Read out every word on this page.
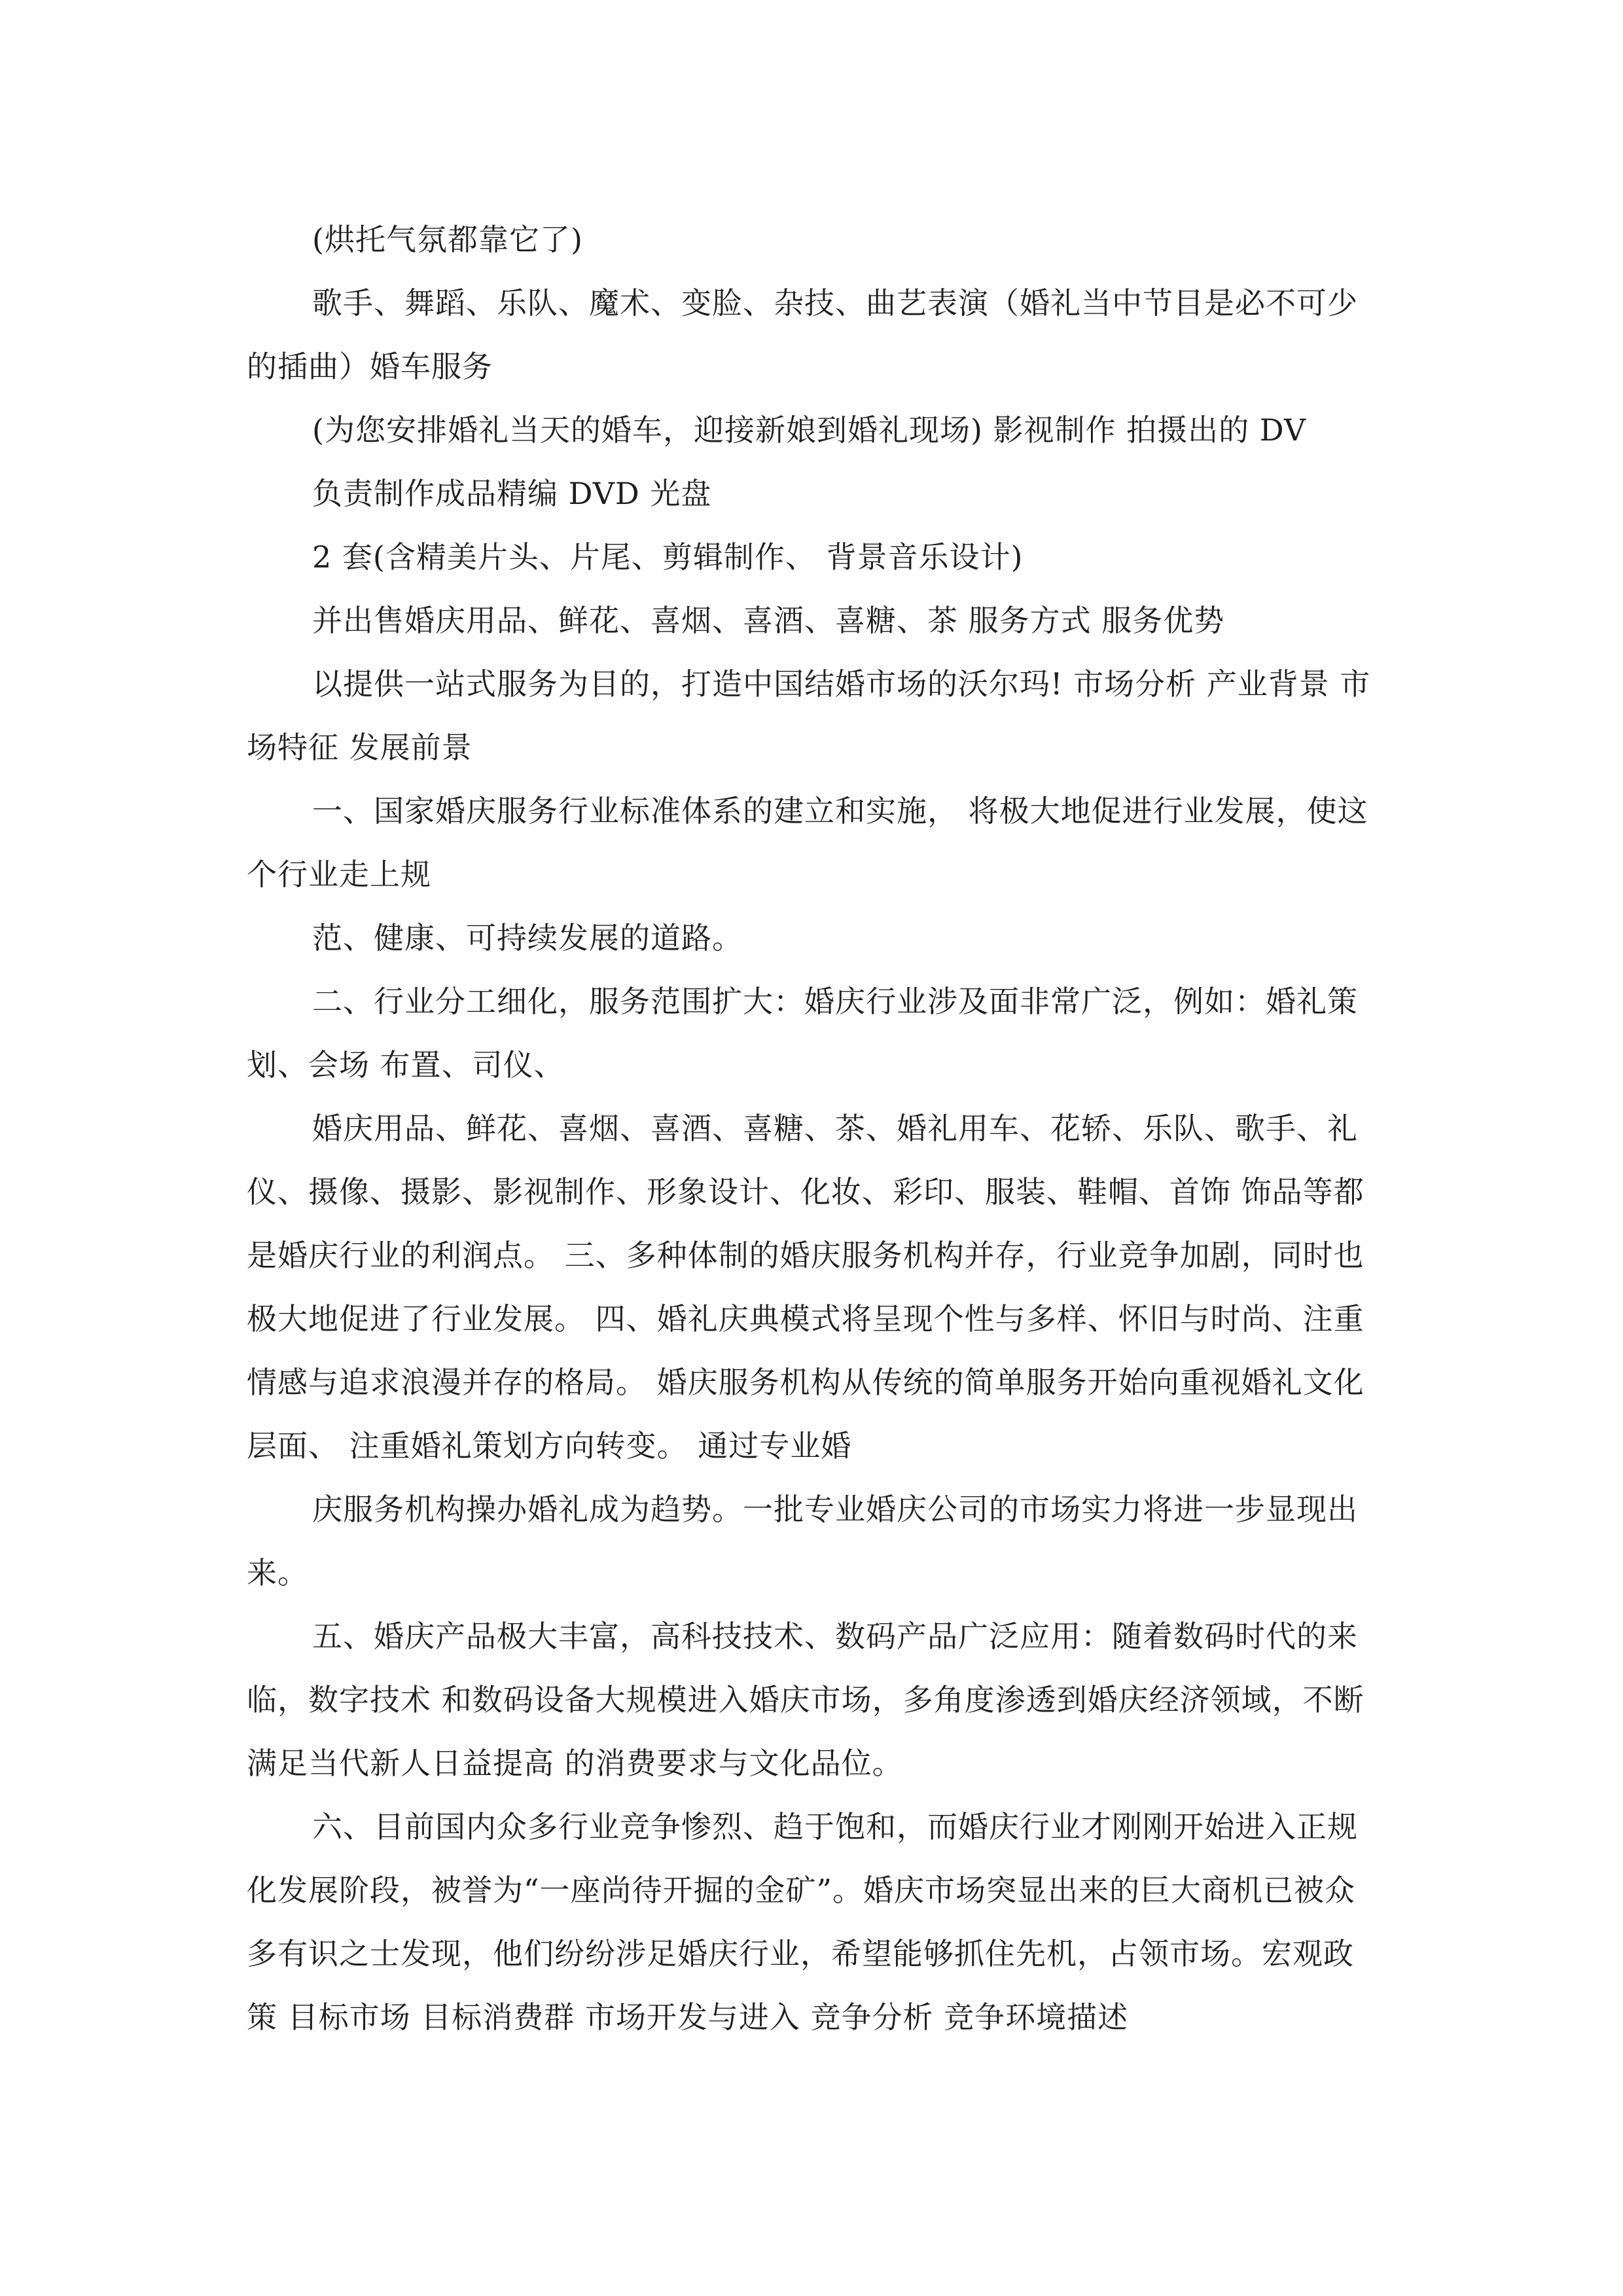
(烘托气氛都靠它了)

歌手、舞蹈、乐队、魔术、变脸、杂技、曲艺表演（婚礼当中节目是必不可少的插曲）婚车服务

(为您安排婚礼当天的婚车，迎接新娘到婚礼现场) 影视制作 拍摄出的 DV

负责制作成品精编 DVD 光盘

2 套(含精美片头、片尾、剪辑制作、 背景音乐设计)

并出售婚庆用品、鲜花、喜烟、喜酒、喜糖、茶 服务方式 服务优势

以提供一站式服务为目的，打造中国结婚市场的沃尔玛! 市场分析 产业背景 市场特征 发展前景

一、国家婚庆服务行业标准体系的建立和实施， 将极大地促进行业发展，使这个行业走上规

范、健康、可持续发展的道路。

二、行业分工细化，服务范围扩大：婚庆行业涉及面非常广泛，例如：婚礼策划、会场 布置、司仪、

婚庆用品、鲜花、喜烟、喜酒、喜糖、茶、婚礼用车、花轿、乐队、歌手、礼仪、摄像、摄影、影视制作、形象设计、化妆、彩印、服装、鞋帽、首饰 饰品等都是婚庆行业的利润点。 三、多种体制的婚庆服务机构并存，行业竞争加剧，同时也极大地促进了行业发展。 四、婚礼庆典模式将呈现个性与多样、怀旧与时尚、注重情感与追求浪漫并存的格局。 婚庆服务机构从传统的简单服务开始向重视婚礼文化层面、 注重婚礼策划方向转变。 通过专业婚

庆服务机构操办婚礼成为趋势。一批专业婚庆公司的市场实力将进一步显现出来。

五、婚庆产品极大丰富，高科技技术、数码产品广泛应用：随着数码时代的来临，数字技术 和数码设备大规模进入婚庆市场，多角度渗透到婚庆经济领域，不断满足当代新人日益提高 的消费要求与文化品位。

六、目前国内众多行业竞争惨烈、趋于饱和，而婚庆行业才刚刚开始进入正规化发展阶段，被誉为“一座尚待开掘的金矿”。婚庆市场突显出来的巨大商机已被众多有识之士发现，他们纷纷涉足婚庆行业，希望能够抓住先机，占领市场。宏观政策 目标市场 目标消费群 市场开发与进入 竞争分析 竞争环境描述
